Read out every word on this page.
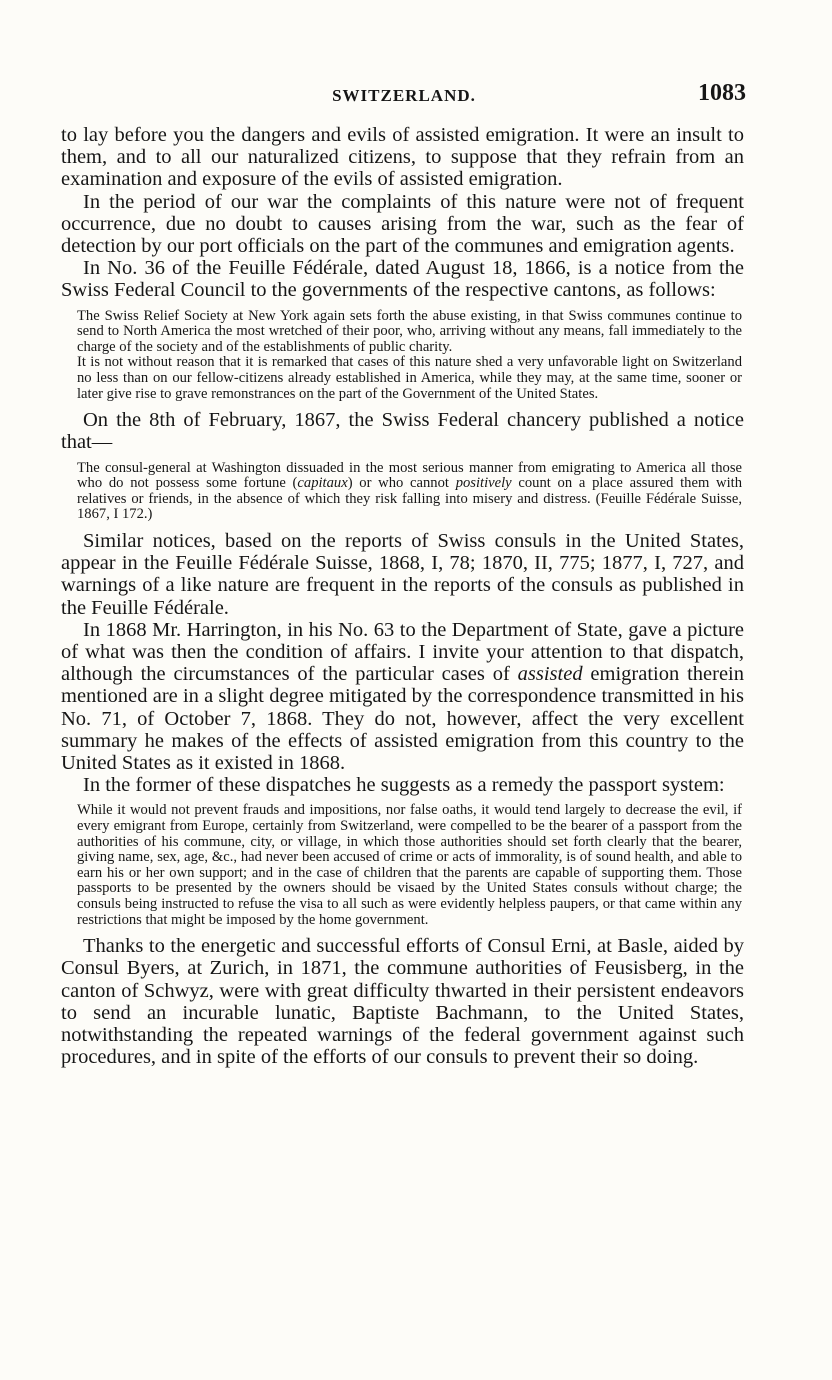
SWITZERLAND.	1083

to lay before you the dangers and evils of assisted emigration. It were an insult to them, and to all our naturalized citizens, to suppose that they refrain from an examination and exposure of the evils of assisted emigration.

In the period of our war the complaints of this nature were not of frequent occurrence, due no doubt to causes arising from the war, such as the fear of detection by our port officials on the part of the communes and emigration agents.

In No. 36 of the Feuille Fédérale, dated August 18, 1866, is a notice from the Swiss Federal Council to the governments of the respective cantons, as follows:

The Swiss Relief Society at New York again sets forth the abuse existing, in that Swiss communes continue to send to North America the most wretched of their poor, who, arriving without any means, fall immediately to the charge of the society and of the establishments of public charity.

It is not without reason that it is remarked that cases of this nature shed a very unfavorable light on Switzerland no less than on our fellow-citizens already established in America, while they may, at the same time, sooner or later give rise to grave remonstrances on the part of the Government of the United States.

On the 8th of February, 1867, the Swiss Federal chancery published a notice that—

The consul-general at Washington dissuaded in the most serious manner from emigrating to America all those who do not possess some fortune (capitaux) or who cannot positively count on a place assured them with relatives or friends, in the absence of which they risk falling into misery and distress. (Feuille Fédérale Suisse, 1867, I 172.)

Similar notices, based on the reports of Swiss consuls in the United States, appear in the Feuille Fédérale Suisse, 1868, I, 78; 1870, II, 775; 1877, I, 727, and warnings of a like nature are frequent in the reports of the consuls as published in the Feuille Fédérale.

In 1868 Mr. Harrington, in his No. 63 to the Department of State, gave a picture of what was then the condition of affairs. I invite your attention to that dispatch, although the circumstances of the particular cases of assisted emigration therein mentioned are in a slight degree mitigated by the correspondence transmitted in his No. 71, of October 7, 1868. They do not, however, affect the very excellent summary he makes of the effects of assisted emigration from this country to the United States as it existed in 1868.

In the former of these dispatches he suggests as a remedy the passport system:

While it would not prevent frauds and impositions, nor false oaths, it would tend largely to decrease the evil, if every emigrant from Europe, certainly from Switzerland, were compelled to be the bearer of a passport from the authorities of his commune, city, or village, in which those authorities should set forth clearly that the bearer, giving name, sex, age, &c., had never been accused of crime or acts of immorality, is of sound health, and able to earn his or her own support; and in the case of children that the parents are capable of supporting them. Those passports to be presented by the owners should be visaed by the United States consuls without charge; the consuls being instructed to refuse the visa to all such as were evidently helpless paupers, or that came within any restrictions that might be imposed by the home government.

Thanks to the energetic and successful efforts of Consul Erni, at Basle, aided by Consul Byers, at Zurich, in 1871, the commune authorities of Feusisberg, in the canton of Schwyz, were with great difficulty thwarted in their persistent endeavors to send an incurable lunatic, Baptiste Bachmann, to the United States, notwithstanding the repeated warnings of the federal government against such procedures, and in spite of the efforts of our consuls to prevent their so doing.
